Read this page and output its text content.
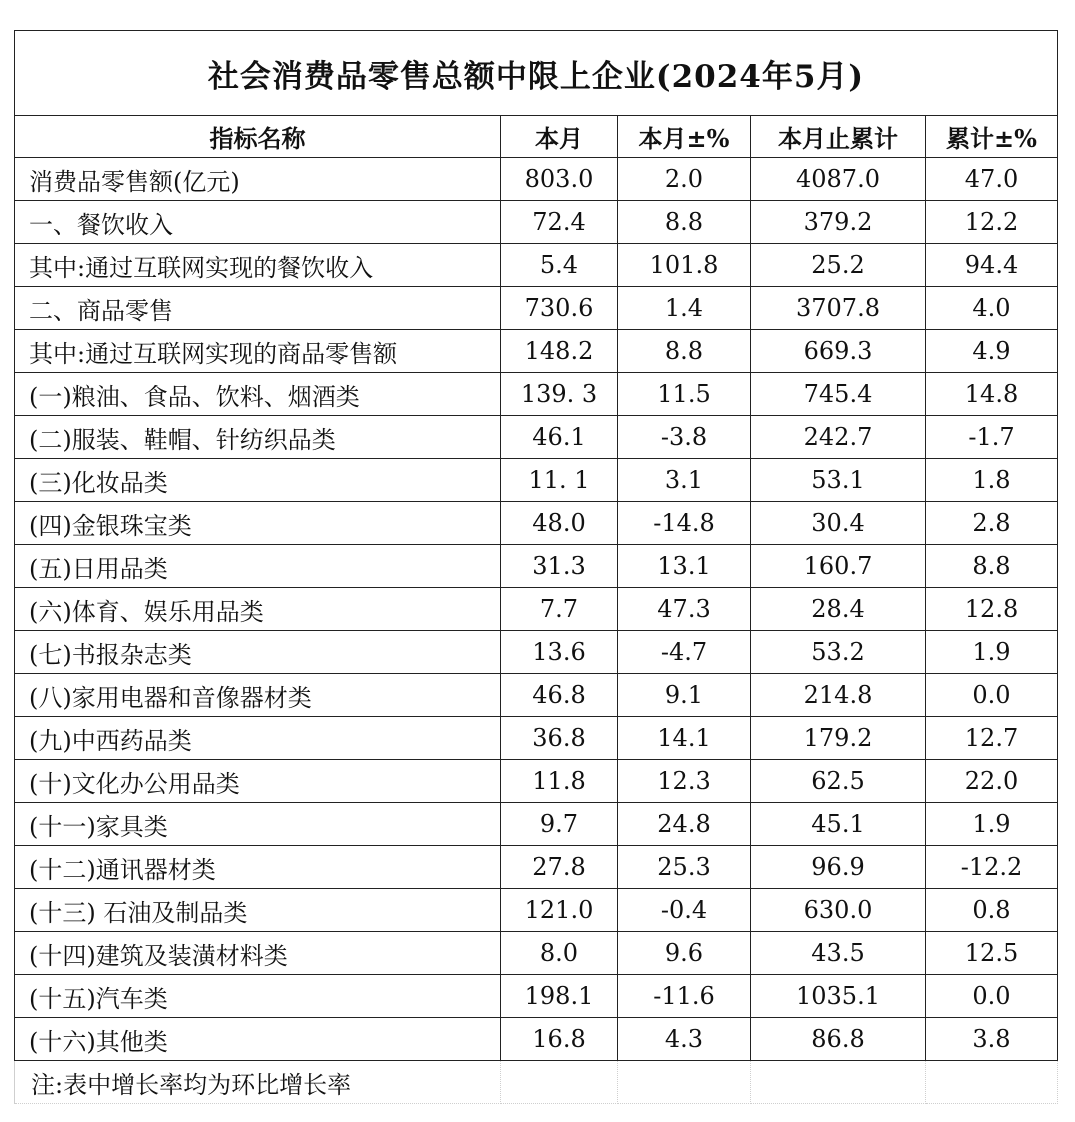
社会消费品零售总额中限上企业(2024年5月)				
指标名称	本月	本月±%	本月止累计	累计±%
消费品零售额(亿元)	803.0	2.0	4087.0	47.0
一、餐饮收入	72.4	8.8	379.2	12.2
其中:通过互联网实现的餐饮收入	5.4	101.8	25.2	94.4
二、商品零售	730.6	1.4	3707.8	4.0
其中:通过互联网实现的商品零售额	148.2	8.8	669.3	4.9
(一)粮油、食品、饮料、烟酒类	139. 3	11.5	745.4	14.8
(二)服装、鞋帽、针纺织品类	46.1	-3.8	242.7	-1.7
(三)化妆品类	11. 1	3.1	53.1	1.8
(四)金银珠宝类	48.0	-14.8	30.4	2.8
(五)日用品类	31.3	13.1	160.7	8.8
(六)体育、娱乐用品类	7.7	47.3	28.4	12.8
(七)书报杂志类	13.6	-4.7	53.2	1.9
(八)家用电器和音像器材类	46.8	9.1	214.8	0.0
(九)中西药品类	36.8	14.1	179.2	12.7
(十)文化办公用品类	11.8	12.3	62.5	22.0
(十一)家具类	9.7	24.8	45.1	1.9
(十二)通讯器材类	27.8	25.3	96.9	-12.2
(十三) 石油及制品类	121.0	-0.4	630.0	0.8
(十四)建筑及装潢材料类	8.0	9.6	43.5	12.5
(十五)汽车类	198.1	-11.6	1035.1	0.0
(十六)其他类	16.8	4.3	86.8	3.8
注:表中增长率均为环比增长率				
